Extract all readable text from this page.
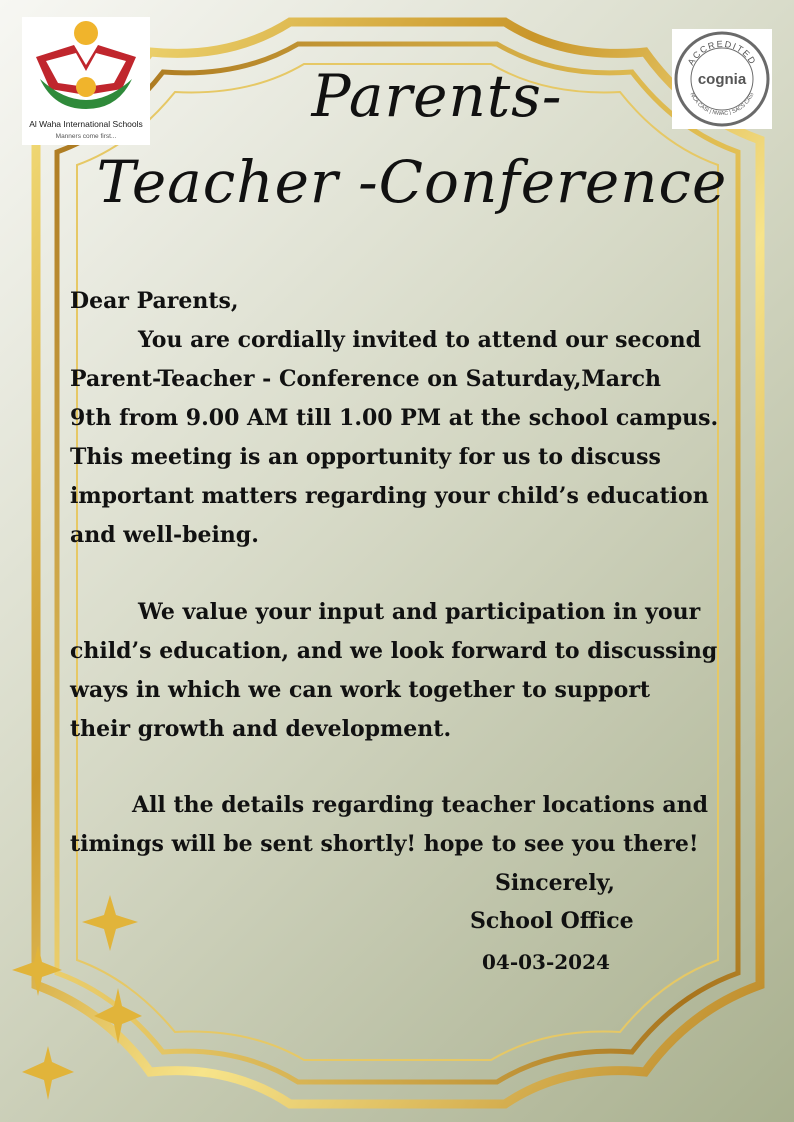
Al Waha International Schools
Manners come first...
ACCREDITED
cognia
NCA CASI | NWAC | SACS CASI
Parents-
Teacher -Conference
Dear Parents,
You are cordially invited to attend our second
Parent-Teacher - Conference on Saturday,March
9th from 9.00 AM till 1.00 PM at the school campus.
This meeting is an opportunity for us to discuss
important matters regarding your child’s education
and well-being.
We value your input and participation in your
child’s education, and we look forward to discussing
ways in which we can work together to support
their growth and development.
All the details regarding teacher locations and
timings will be sent shortly! hope to see you there!
Sincerely,
School Office
04-03-2024
